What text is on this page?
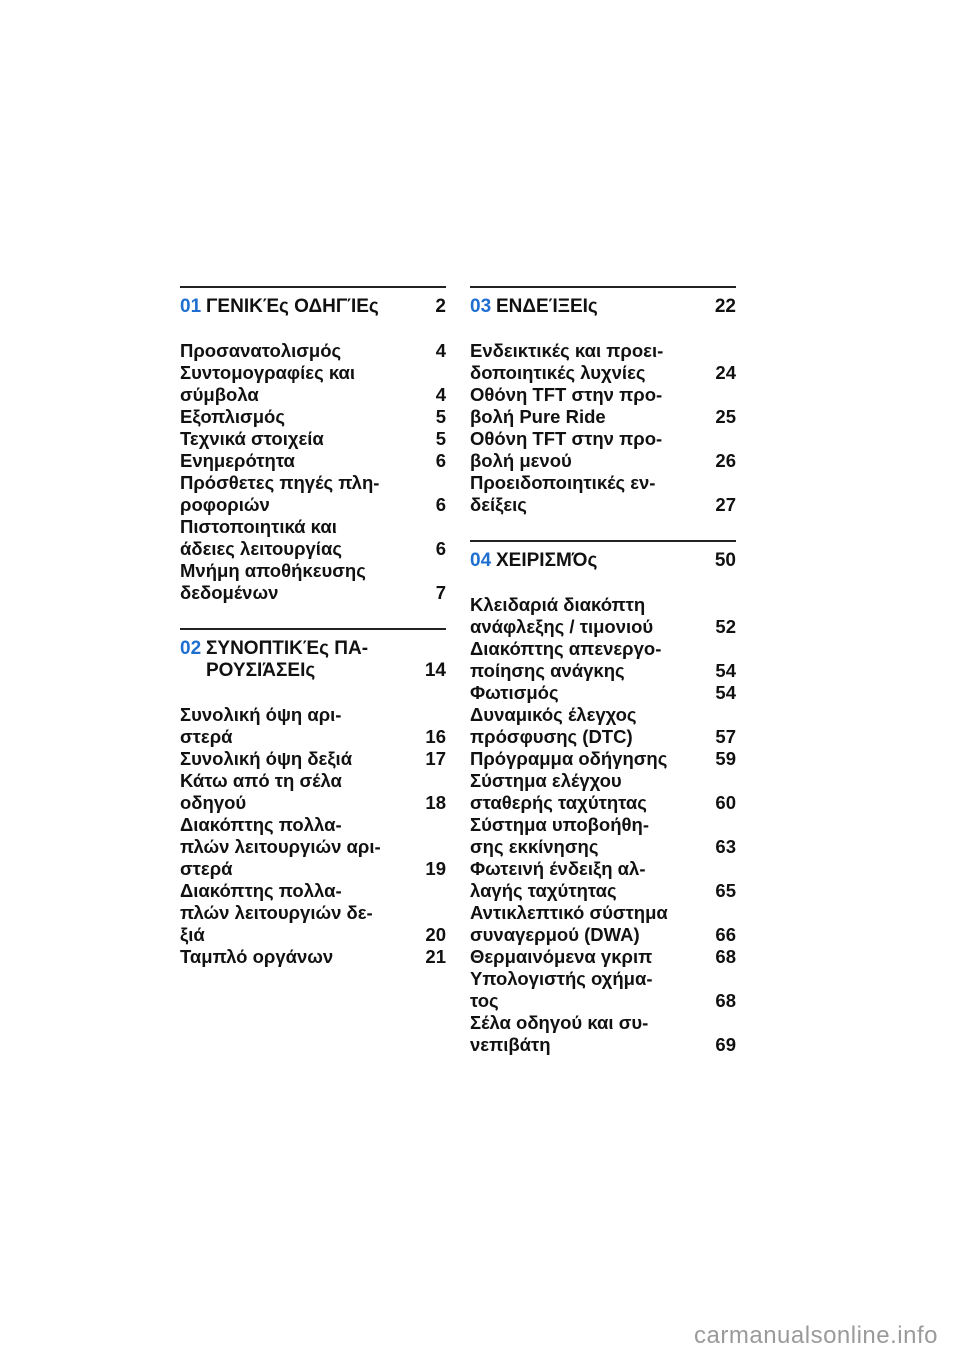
01 ΓΕΝΙΚΈς ΟΔΗΓΊΕς	2
Προσανατολισμός	4
Συντομογραφίες και
σύμβολα	4
Εξοπλισμός	5
Τεχνικά στοιχεία	5
Ενημερότητα	6
Πρόσθετες πηγές πλη-
ροφοριών	6
Πιστοποιητικά και
άδειες λειτουργίας	6
Μνήμη αποθήκευσης
δεδομένων	7
02 ΣΥΝΟΠΤΙΚΈς ΠΑ-
ΡΟΥΣΙΆΣΕΙς	14
Συνολική όψη αρι-
στερά	16
Συνολική όψη δεξιά	17
Κάτω από τη σέλα
οδηγού	18
Διακόπτης πολλα-
πλών λειτουργιών αρι-
στερά	19
Διακόπτης πολλα-
πλών λειτουργιών δε-
ξιά	20
Ταμπλό οργάνων	21
03 ΕΝΔΕΊΞΕΙς	22
Ενδεικτικές και προει-
δοποιητικές λυχνίες	24
Οθόνη TFT στην προ-
βολή Pure Ride	25
Οθόνη TFT στην προ-
βολή μενού	26
Προειδοποιητικές εν-
δείξεις	27
04 ΧΕΙΡΙΣΜΌς	50
Κλειδαριά διακόπτη
ανάφλεξης / τιμονιού	52
Διακόπτης απενεργο-
ποίησης ανάγκης	54
Φωτισμός	54
Δυναμικός έλεγχος
πρόσφυσης (DTC)	57
Πρόγραμμα οδήγησης	59
Σύστημα ελέγχου
σταθερής ταχύτητας	60
Σύστημα υποβοήθη-
σης εκκίνησης	63
Φωτεινή ένδειξη αλ-
λαγής ταχύτητας	65
Αντικλεπτικό σύστημα
συναγερμού (DWA)	66
Θερμαινόμενα γκριπ	68
Υπολογιστής οχήμα-
τος	68
Σέλα οδηγού και συ-
νεπιβάτη	69
carmanualsonline.info
